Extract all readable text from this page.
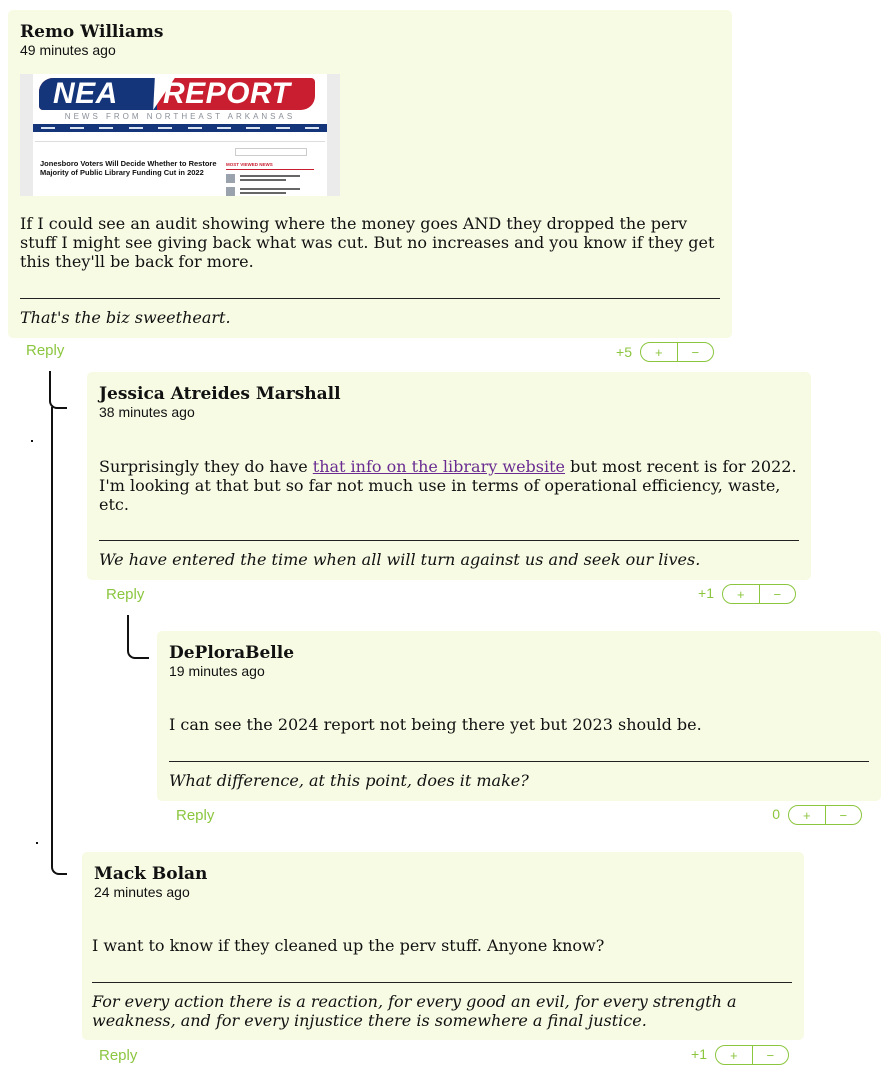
Remo Williams
49 minutes ago
NEA REPORT
NEWS FROM NORTHEAST ARKANSAS
Jonesboro Voters Will Decide Whether to Restore Majority of Public Library Funding Cut in 2022
MOST VIEWED NEWS
If I could see an audit showing where the money goes AND they dropped the perv stuff I might see giving back what was cut. But no increases and you know if they get this they'll be back for more.
That's the biz sweetheart.
Reply	+5	+	−
Jessica Atreides Marshall
38 minutes ago
Surprisingly they do have that info on the library website but most recent is for 2022. I'm looking at that but so far not much use in terms of operational efficiency, waste, etc.
We have entered the time when all will turn against us and seek our lives.
Reply	+1	+	−
DePloraBelle
19 minutes ago
I can see the 2024 report not being there yet but 2023 should be.
What difference, at this point, does it make?
Reply	0	+	−
Mack Bolan
24 minutes ago
I want to know if they cleaned up the perv stuff. Anyone know?
For every action there is a reaction, for every good an evil, for every strength a weakness, and for every injustice there is somewhere a final justice.
Reply	+1	+	−
